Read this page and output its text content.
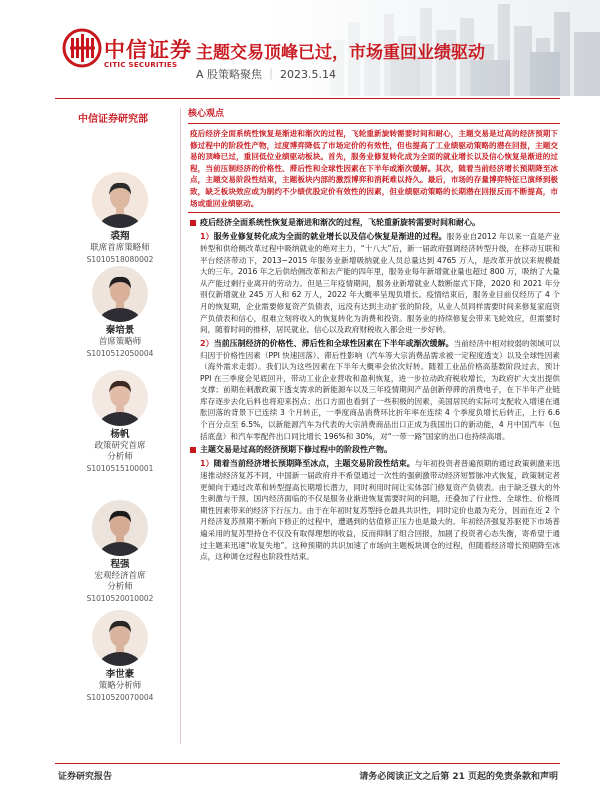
中信证券
CITIC SECURITIES
主题交易顶峰已过，市场重回业绩驱动
A 股策略聚焦 ｜ 2023.5.14
中信证券研究部
裘翔
联席首席策略师
S1010518080002
秦培景
首席策略师
S1010512050004
杨帆
政策研究首席
分析师
S1010515100001
程强
宏观经济首席
分析师
S1010520010002
李世豪
策略分析师
S1010520070004
核心观点
疫后经济全面系统性恢复是渐进和渐次的过程，飞轮重新旋转需要时间和耐心，主题交易是过高的经济预期下修过程中的阶段性产物，过度博弈降低了市场定价的有效性，但也提高了工业绩驱动策略的潜在回报，主题交易的顶峰已过，重回低位业绩驱动板块。首先，服务业修复转化成为全面的就业增长以及信心恢复是渐进的过程，当前压制经济的价格性、滞后性和全球性因素在下半年或渐次缓解。其次，随着当前经济增长预期降至冰点，主题交易阶段性结束，主题板块内部的激烈博弈和消耗难以持久。最后，市场的存量博弈特征已演绎到极致，缺乏板块效应或为制约不少绩优股定价有效性的因素，但业绩驱动策略的长期潜在回报反而不断提高，市场或重回业绩驱动。
疫后经济全面系统性恢复是渐进和渐次的过程，飞轮重新旋转需要时间和耐心。
1）服务业修复转化成为全面的就业增长以及信心恢复是渐进的过程。服务业自2012 年以来一直是产业转型和供给侧改革过程中吸纳就业的绝对主力，“十八大”后，新一届政府强调经济转型升级，在移动互联和平台经济带动下，2013~2015 年服务业新增吸纳就业人员总量达到 4765 万人，是改革开放以来规模最大的三年。2016 年之后供给侧改革和去产能的四年里，服务业每年新增就业量也超过 800 万，吸纳了大量从产能过剩行业离开的劳动力。但是三年疫情期间，服务业新增就业人数断崖式下降，2020 和 2021 年分别仅新增就业 245 万人和 62 万人，2022 年大概率呈现负增长。疫情结束后，服务业目前仅经历了 4 个月的恢复期，企业需要修复资产负债表，远没有达到主动扩张的阶段，从业人员同样需要时间来修复家庭资产负债表和信心，很难立刻将收入的恢复转化为消费和投资。服务业的持续修复会带来飞轮效应，但需要时间，随着时间的推移，居民就业、信心以及政府财税收入都会进一步好转。
2）当前压制经济的价格性、滞后性和全球性因素在下半年或渐次缓解。当前经济中相对较弱的领域可以归因于价格性因素（PPI 快速回落）、滞后性影响（汽车等大宗消费品需求被一定程度透支）以及全球性因素（海外需求走弱）。我们认为这些因素在下半年大概率会依次好转。随着工业品价格高基数阶段过去，预计 PPI 在三季度会见底回升，带动工业企业营收和盈利恢复，进一步拉动政府税收增长，为政府扩大支出提供支撑；前期在刺激政策下透支需求的新能源车以及三年疫情期间产品创新停滞的消费电子，在下半年产业链库存逐步去化后料也将迎来拐点；出口方面也看到了一些积极的因素，美国居民的实际可支配收入增速在通胀回落的背景下已连续 3 个月转正，一季度商品消费环比折年率在连续 4 个季度负增长后转正，上行 6.6 个百分点至 6.5%，以新能源汽车为代表的大宗消费商品出口正成为我国出口的新动能，4 月中国汽车（包括底盘）和汽车零配件出口同比增长 196%和 30%，对“一带一路”国家的出口也持续高增。
主题交易是过高的经济预期下修过程中的阶段性产物。
1）随着当前经济增长预期降至冰点，主题交易阶段性结束。与年初投资者普遍预期的通过政策刺激来迅速推动经济复苏不同，中国新一届政府并不希望通过一次性的强刺激带动经济短暂脉冲式恢复，政策制定者更倾向于通过改革和转型提高长期增长潜力，同时利用时间让实体部门修复资产负债表。由于缺乏强大的外生刺激与干预，国内经济面临的不仅是服务业渐进恢复需要时间的问题，还叠加了行业性、全球性、价格周期性因素带来的经济下行压力。由于在年初时复苏型持仓最具共识性，同时定价也最为充分，因而在近 2 个月经济复苏预期不断向下修正的过程中，遭遇到的估值修正压力也是最大的。年初经济强复苏驱使下市场普遍采用的复苏型持仓不仅没有取得理想的收益，反而抑制了组合回报，加剧了投资者心态失衡，寄希望于通过主题来迅速“收复失地”。这种预期的共识加速了市场向主题板块调仓的过程，但随着经济增长预期降至冰点，这种调仓过程也阶段性结束。
证券研究报告	请务必阅读正文之后第 21 页起的免责条款和声明
